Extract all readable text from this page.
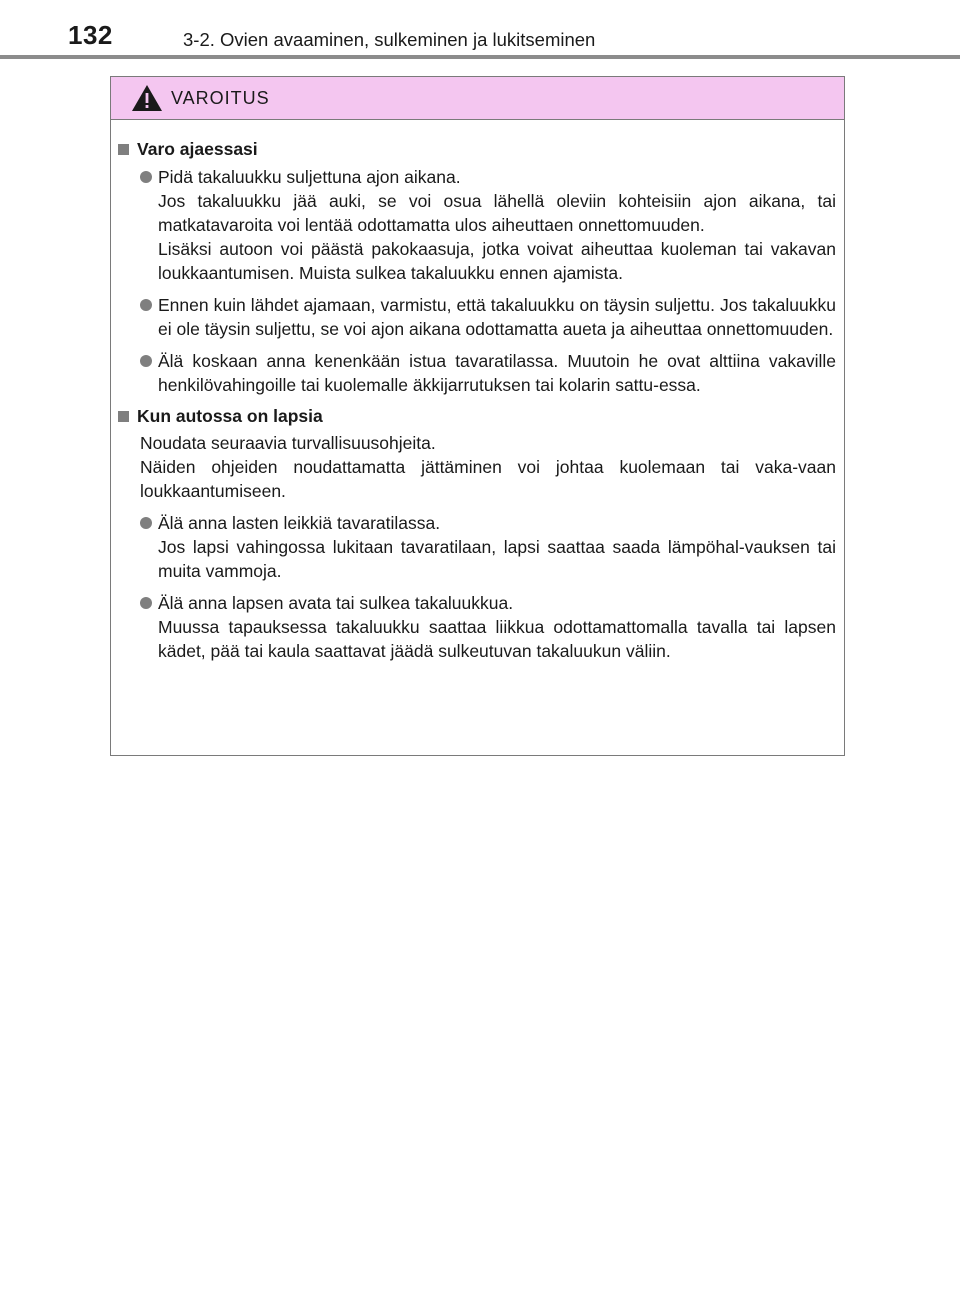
132	3-2. Ovien avaaminen, sulkeminen ja lukitseminen
VAROITUS
Varo ajaessasi

Pidä takaluukku suljettuna ajon aikana.

Jos takaluukku jää auki, se voi osua lähellä oleviin kohteisiin ajon aikana, tai matkatavaroita voi lentää odottamatta ulos aiheuttaen onnettomuuden.

Lisäksi autoon voi päästä pakokaasuja, jotka voivat aiheuttaa kuoleman tai vakavan loukkaantumisen. Muista sulkea takaluukku ennen ajamista.

Ennen kuin lähdet ajamaan, varmistu, että takaluukku on täysin suljettu. Jos takaluukku ei ole täysin suljettu, se voi ajon aikana odottamatta aueta ja aiheuttaa onnettomuuden.

Älä koskaan anna kenenkään istua tavaratilassa. Muutoin he ovat alttiina vakaville henkilövahingoille tai kuolemalle äkkijarrutuksen tai kolarin sattu-essa.

Kun autossa on lapsia

Noudata seuraavia turvallisuusohjeita.

Näiden ohjeiden noudattamatta jättäminen voi johtaa kuolemaan tai vaka-vaan loukkaantumiseen.

Älä anna lasten leikkiä tavaratilassa.

Jos lapsi vahingossa lukitaan tavaratilaan, lapsi saattaa saada lämpöhal-vauksen tai muita vammoja.

Älä anna lapsen avata tai sulkea takaluukkua.

Muussa tapauksessa takaluukku saattaa liikkua odottamattomalla tavalla tai lapsen kädet, pää tai kaula saattavat jäädä sulkeutuvan takaluukun väliin.
